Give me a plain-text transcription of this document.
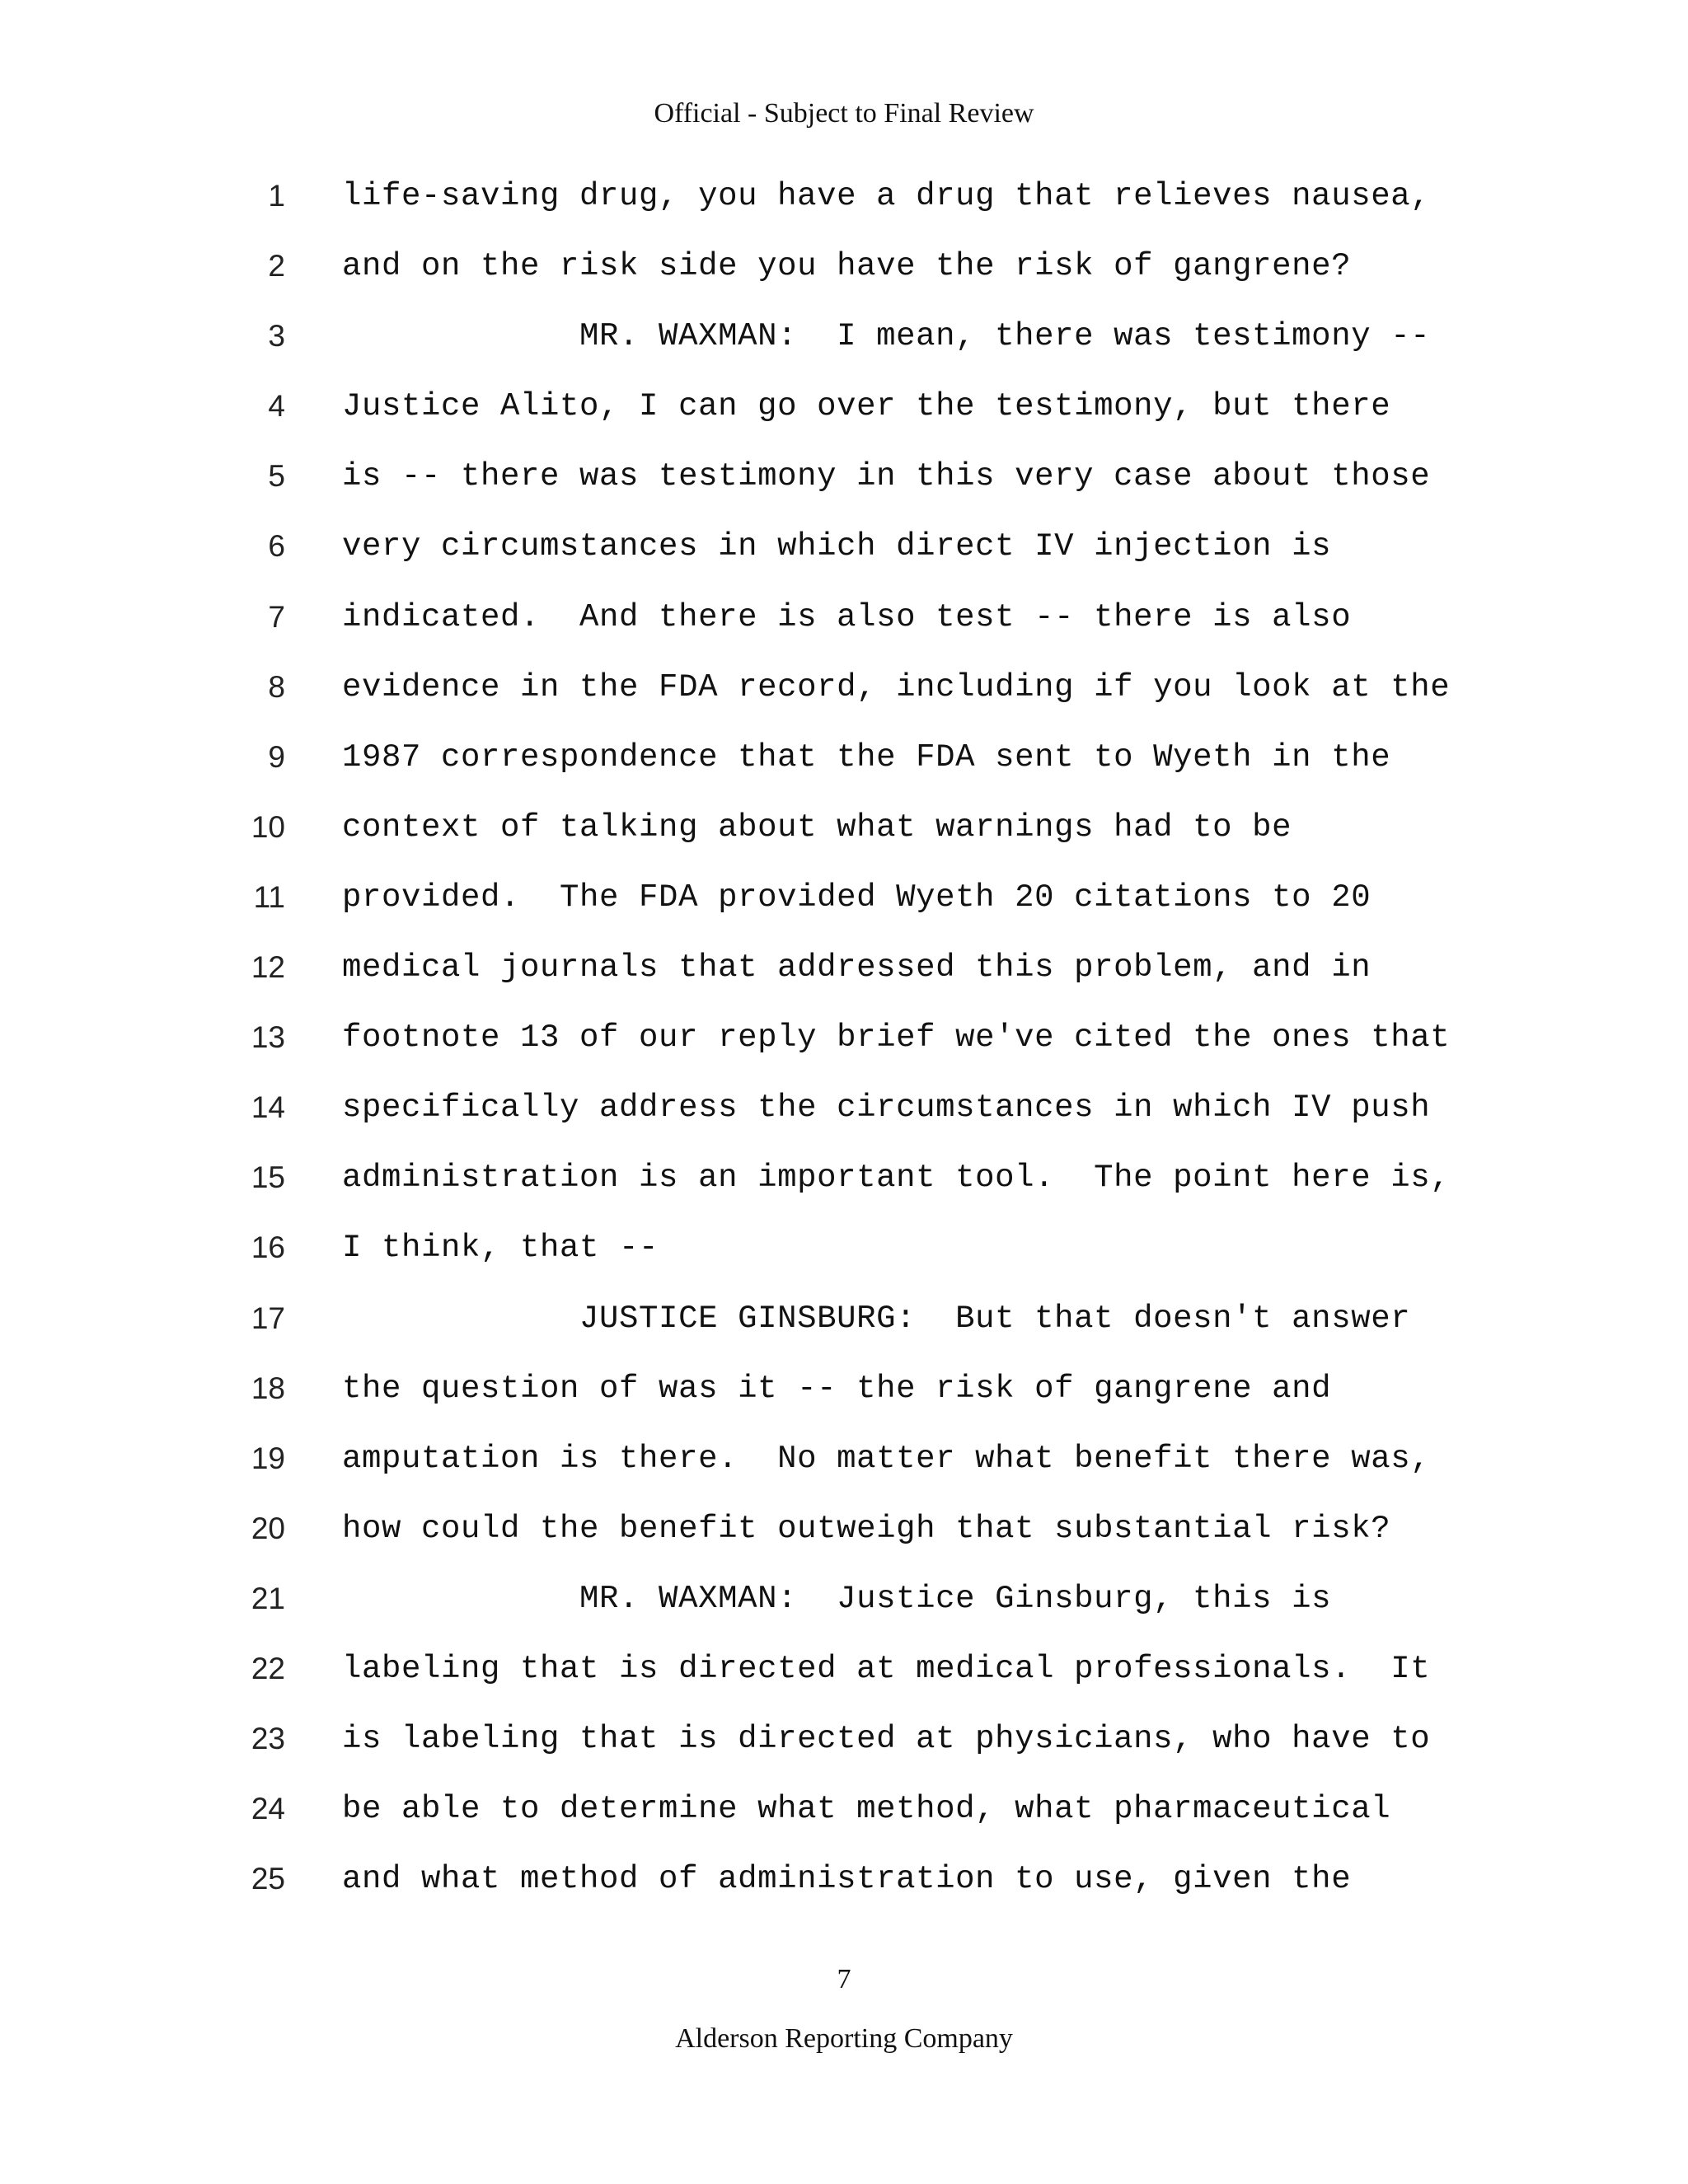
Official - Subject to Final Review
1 life-saving drug, you have a drug that relieves nausea,
2 and on the risk side you have the risk of gangrene?
3 MR. WAXMAN:  I mean, there was testimony --
4 Justice Alito, I can go over the testimony, but there
5 is -- there was testimony in this very case about those
6 very circumstances in which direct IV injection is
7 indicated.  And there is also test -- there is also
8 evidence in the FDA record, including if you look at the
9 1987 correspondence that the FDA sent to Wyeth in the
10 context of talking about what warnings had to be
11 provided.  The FDA provided Wyeth 20 citations to 20
12 medical journals that addressed this problem, and in
13 footnote 13 of our reply brief we've cited the ones that
14 specifically address the circumstances in which IV push
15 administration is an important tool.  The point here is,
16 I think, that --
17 JUSTICE GINSBURG:  But that doesn't answer
18 the question of was it -- the risk of gangrene and
19 amputation is there.  No matter what benefit there was,
20 how could the benefit outweigh that substantial risk?
21 MR. WAXMAN:  Justice Ginsburg, this is
22 labeling that is directed at medical professionals.  It
23 is labeling that is directed at physicians, who have to
24 be able to determine what method, what pharmaceutical
25 and what method of administration to use, given the
7
Alderson Reporting Company
